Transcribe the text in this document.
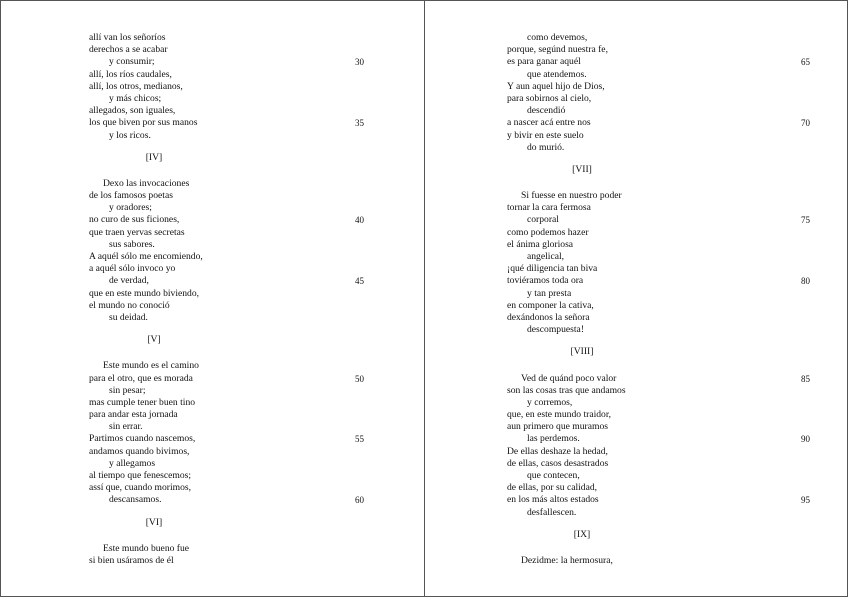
allí van los señoríos
derechos a se acabar
y consumir;	30
allí, los ríos caudales,
allí, los otros, medianos,
y más chicos;
allegados, son iguales,
los que biven por sus manos	35
y los ricos.
[IV]
Dexo las invocaciones
de los famosos poetas
y oradores;
no curo de sus ficiones,	40
que traen yervas secretas
sus sabores.
A aquél sólo me encomiendo,
a aquél sólo invoco yo
de verdad,	45
que en este mundo biviendo,
el mundo no conoció
su deidad.
[V]
Este mundo es el camino
para el otro, que es morada	50
sin pesar;
mas cumple tener buen tino
para andar esta jornada
sin errar.
Partimos cuando nascemos,	55
andamos quando bivimos,
y allegamos
al tiempo que fenescemos;
assí que, cuando morimos,
descansamos.	60
[VI]
Este mundo bueno fue
si bien usáramos de él
como devemos,
porque, segúnd nuestra fe,
es para ganar aquél	65
que atendemos.
Y aun aquel hijo de Dios,
para sobirnos al cielo,
descendió
a nascer acá entre nos	70
y bivir en este suelo
do murió.
[VII]
Si fuesse en nuestro poder
tornar la cara fermosa
corporal	75
como podemos hazer
el ánima gloriosa
angelical,
¡qué diligencia tan biva
toviéramos toda ora	80
y tan presta
en componer la cativa,
dexándonos la señora
descompuesta!
[VIII]
Ved de quánd poco valor	85
son las cosas tras que andamos
y corremos,
que, en este mundo traidor,
aun primero que muramos
las perdemos.	90
De ellas deshaze la hedad,
de ellas, casos desastrados
que contecen,
de ellas, por su calidad,
en los más altos estados	95
desfallescen.
[IX]
Dezidme: la hermosura,
